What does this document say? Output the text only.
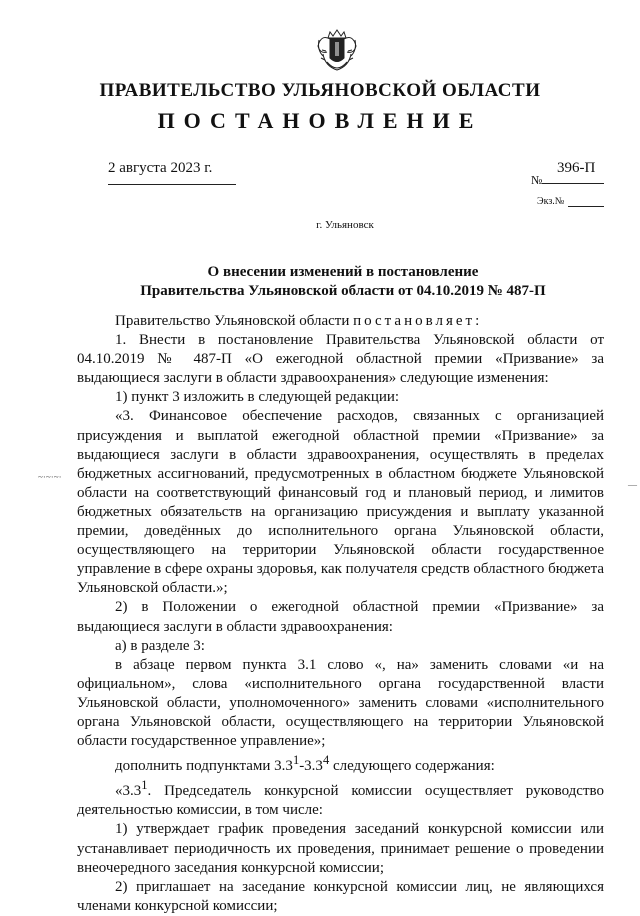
ПРАВИТЕЛЬСТВО УЛЬЯНОВСКОЙ ОБЛАСТИ
ПОСТАНОВЛЕНИЕ
2 августа 2023 г.
№
396-П
Экз.№
г. Ульяновск
О внесении изменений в постановление
Правительства Ульяновской области от 04.10.2019 № 487-П

Правительство Ульяновской области постановляет:

1. Внести в постановление Правительства Ульяновской области от 04.10.2019 № 487-П «О ежегодной областной премии «Призвание» за выдающиеся заслуги в области здравоохранения» следующие изменения:

1) пункт 3 изложить в следующей редакции:

«3. Финансовое обеспечение расходов, связанных с организацией присуждения и выплатой ежегодной областной премии «Призвание» за выдающиеся заслуги в области здравоохранения, осуществлять в пределах бюджетных ассигнований, предусмотренных в областном бюджете Ульяновской области на соответствующий финансовый год и плановый период, и лимитов бюджетных обязательств на организацию присуждения и выплату указанной премии, доведённых до исполнительного органа Ульяновской области, осуществляющего на территории Ульяновской области государственное управление в сфере охраны здоровья, как получателя средств областного бюджета Ульяновской области.»;

2) в Положении о ежегодной областной премии «Призвание» за выдающиеся заслуги в области здравоохранения:

а) в разделе 3:

в абзаце первом пункта 3.1 слово «, на» заменить словами «и на официальном», слова «исполнительного органа государственной власти Ульяновской области, уполномоченного» заменить словами «исполнительного органа Ульяновской области, осуществляющего на территории Ульяновской области государственное управление»;

дополнить подпунктами $3.3^1-3.3^4$ следующего содержания:

«$3.3^1$. Председатель конкурсной комиссии осуществляет руководство деятельностью комиссии, в том числе:

1) утверждает график проведения заседаний конкурсной комиссии или устанавливает периодичность их проведения, принимает решение о проведении внеочередного заседания конкурсной комиссии;

2) приглашает на заседание конкурсной комиссии лиц, не являющихся членами конкурсной комиссии;

~·~·~·
—
